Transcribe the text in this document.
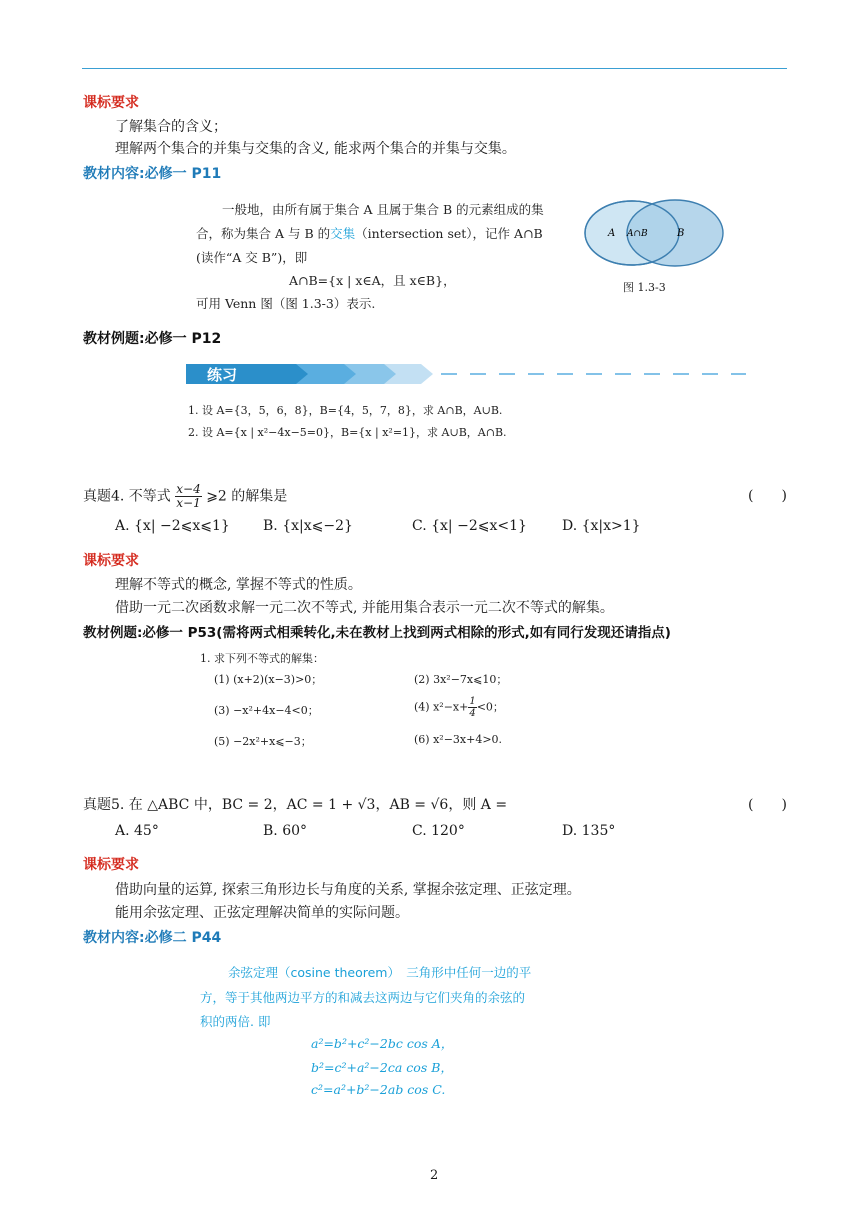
课标要求
了解集合的含义；
理解两个集合的并集与交集的含义, 能求两个集合的并集与交集。
教材内容:必修一 P11
一般地，由所有属于集合 A 且属于集合 B 的元素组成的集
合，称为集合 A 与 B 的交集（intersection set），记作 A∩B
(读作“A 交 B”)，即
A∩B={x | x∈A，且 x∈B}，
可用 Venn 图（图 1.3-3）表示.
A A∩B	B
图 1.3-3
教材例题:必修一 P12
练习
1. 设 A={3，5，6，8}，B={4，5，7，8}，求 A∩B，A∪B.
2. 设 A={x | x²−4x−5=0}，B={x | x²=1}，求 A∪B，A∩B.
真题4. 不等式 $\frac{x-4}{x-1}$ ⩾2 的解集是	(　　)
A. {x| −2⩽x⩽1} B. {x|x⩽−2}	C. {x| −2⩽x<1}	D. {x|x>1}
课标要求
理解不等式的概念, 掌握不等式的性质。
借助一元二次函数求解一元二次不等式, 并能用集合表示一元二次不等式的解集。
教材例题:必修一 P53(需将两式相乘转化,未在教材上找到两式相除的形式,如有同行发现还请指点)
1. 求下列不等式的解集：
(1) (x+2)(x−3)>0；	(2) 3x²−7x⩽10；
(3) −x²+4x−4<0；	(4) $x^2-x+ \frac{1}{4} <0$；
(5) −2x²+x⩽−3；	(6) x²−3x+4>0.
真题5. 在 △ABC 中，BC = 2，AC = 1 + √3，AB = √6，则 A =	(　　)
A. 45°	B. 60°	C. 120°	D. 135°
课标要求
借助向量的运算, 探索三角形边长与角度的关系, 掌握余弦定理、正弦定理。
能用余弦定理、正弦定理解决简单的实际问题。
教材内容:必修二 P44
余弦定理（cosine theorem）　三角形中任何一边的平
方，等于其他两边平方的和减去这两边与它们夹角的余弦的
积的两倍. 即
a²=b²+c²−2bc cos A，
b²=c²+a²−2ca cos B，
c²=a²+b²−2ab cos C.
2
